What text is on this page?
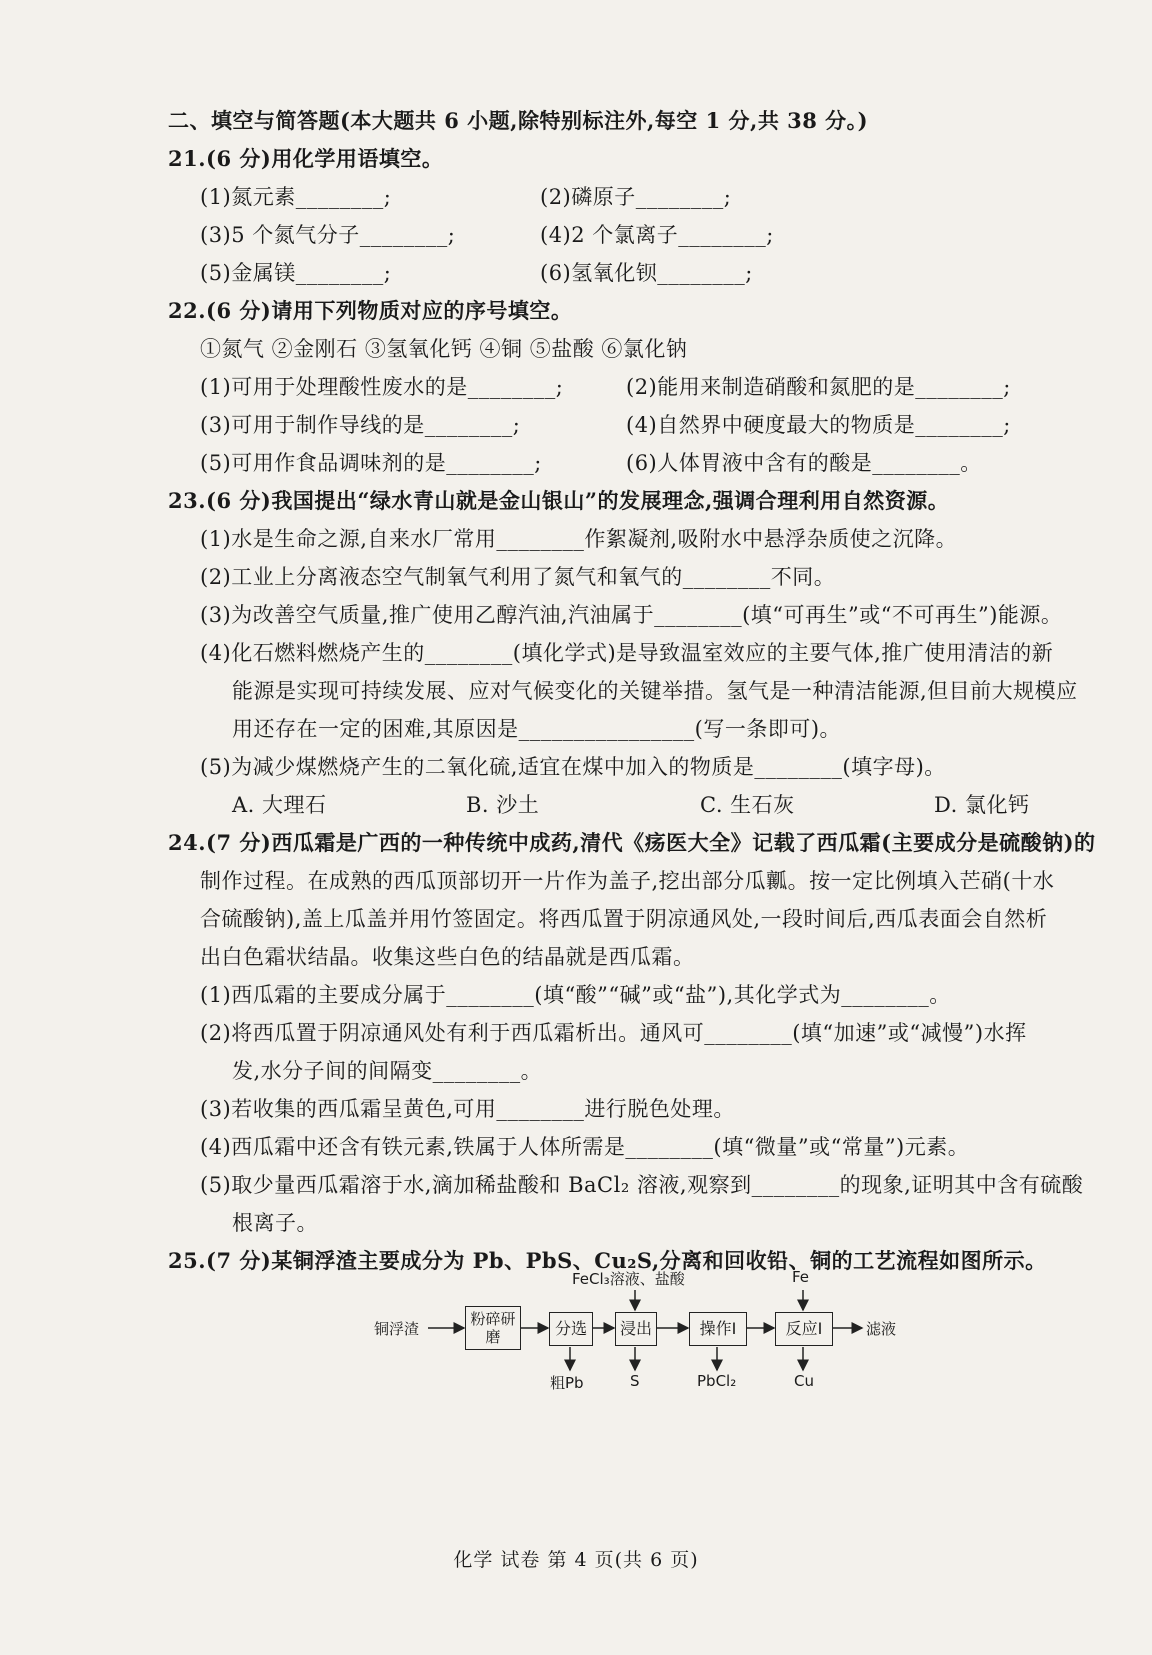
二、填空与简答题(本大题共 6 小题,除特别标注外,每空 1 分,共 38 分。)
21.(6 分)用化学用语填空。
(1)氮元素________;	(2)磷原子________;
(3)5 个氮气分子________;	(4)2 个氯离子________;
(5)金属镁________;	(6)氢氧化钡________;
22.(6 分)请用下列物质对应的序号填空。
①氮气 ②金刚石 ③氢氧化钙 ④铜 ⑤盐酸 ⑥氯化钠
(1)可用于处理酸性废水的是________;	(2)能用来制造硝酸和氮肥的是________;
(3)可用于制作导线的是________;	(4)自然界中硬度最大的物质是________;
(5)可用作食品调味剂的是________;	(6)人体胃液中含有的酸是________。
23.(6 分)我国提出“绿水青山就是金山银山”的发展理念,强调合理利用自然资源。
(1)水是生命之源,自来水厂常用________作絮凝剂,吸附水中悬浮杂质使之沉降。
(2)工业上分离液态空气制氧气利用了氮气和氧气的________不同。
(3)为改善空气质量,推广使用乙醇汽油,汽油属于________(填“可再生”或“不可再生”)能源。
(4)化石燃料燃烧产生的________(填化学式)是导致温室效应的主要气体,推广使用清洁的新
能源是实现可持续发展、应对气候变化的关键举措。氢气是一种清洁能源,但目前大规模应
用还存在一定的困难,其原因是________________(写一条即可)。
(5)为减少煤燃烧产生的二氧化硫,适宜在煤中加入的物质是________(填字母)。
A. 大理石	B. 沙土	C. 生石灰	D. 氯化钙
24.(7 分)西瓜霜是广西的一种传统中成药,清代《疡医大全》记载了西瓜霜(主要成分是硫酸钠)的
制作过程。在成熟的西瓜顶部切开一片作为盖子,挖出部分瓜瓤。按一定比例填入芒硝(十水
合硫酸钠),盖上瓜盖并用竹签固定。将西瓜置于阴凉通风处,一段时间后,西瓜表面会自然析
出白色霜状结晶。收集这些白色的结晶就是西瓜霜。
(1)西瓜霜的主要成分属于________(填“酸”“碱”或“盐”),其化学式为________。
(2)将西瓜置于阴凉通风处有利于西瓜霜析出。通风可________(填“加速”或“减慢”)水挥
发,水分子间的间隔变________。
(3)若收集的西瓜霜呈黄色,可用________进行脱色处理。
(4)西瓜霜中还含有铁元素,铁属于人体所需是________(填“微量”或“常量”)元素。
(5)取少量西瓜霜溶于水,滴加稀盐酸和 BaCl₂ 溶液,观察到________的现象,证明其中含有硫酸
根离子。
25.(7 分)某铜浮渣主要成分为 Pb、PbS、Cu₂S,分离和回收铅、铜的工艺流程如图所示。
铜浮渣
粉碎研磨	分选	浸出	操作Ⅰ	反应Ⅰ	滤液
FeCl₃溶液、盐酸	Fe
粗Pb	S	PbCl₂	Cu
化学 试卷 第 4 页(共 6 页)
